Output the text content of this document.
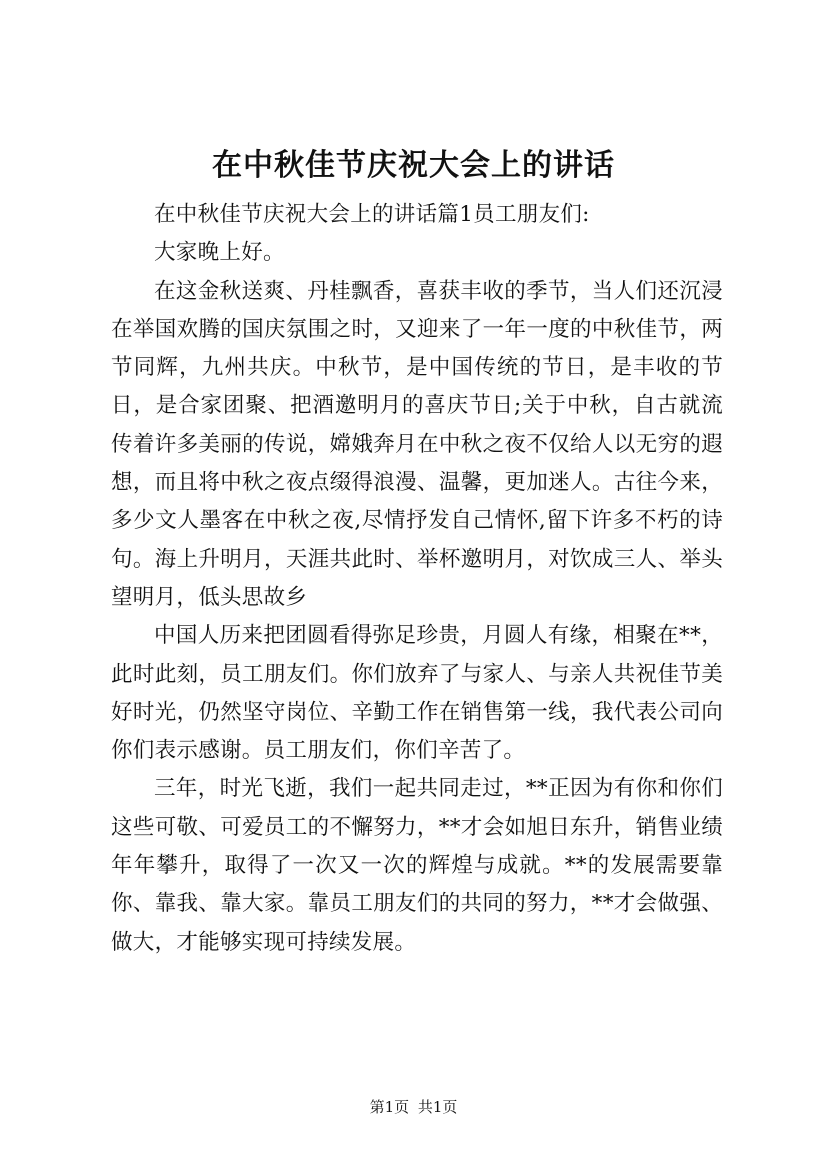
在中秋佳节庆祝大会上的讲话

在中秋佳节庆祝大会上的讲话篇1员工朋友们:

大家晚上好。

在这金秋送爽、丹桂飘香，喜获丰收的季节，当人们还沉浸在举国欢腾的国庆氛围之时，又迎来了一年一度的中秋佳节，两节同辉，九州共庆。中秋节，是中国传统的节日，是丰收的节日，是合家团聚、把酒邀明月的喜庆节日;关于中秋，自古就流传着许多美丽的传说，嫦娥奔月在中秋之夜不仅给人以无穷的遐想，而且将中秋之夜点缀得浪漫、温馨，更加迷人。古往今来，多少文人墨客在中秋之夜,尽情抒发自己情怀,留下许多不朽的诗句。海上升明月，天涯共此时、举杯邀明月，对饮成三人、举头望明月，低头思故乡

中国人历来把团圆看得弥足珍贵，月圆人有缘，相聚在**，此时此刻，员工朋友们。你们放弃了与家人、与亲人共祝佳节美好时光，仍然坚守岗位、辛勤工作在销售第一线，我代表公司向你们表示感谢。员工朋友们，你们辛苦了。

三年，时光飞逝，我们一起共同走过，**正因为有你和你们这些可敬、可爱员工的不懈努力，**才会如旭日东升，销售业绩年年攀升，取得了一次又一次的辉煌与成就。**的发展需要靠你、靠我、靠大家。靠员工朋友们的共同的努力，**才会做强、做大，才能够实现可持续发展。

第1页 共1页
